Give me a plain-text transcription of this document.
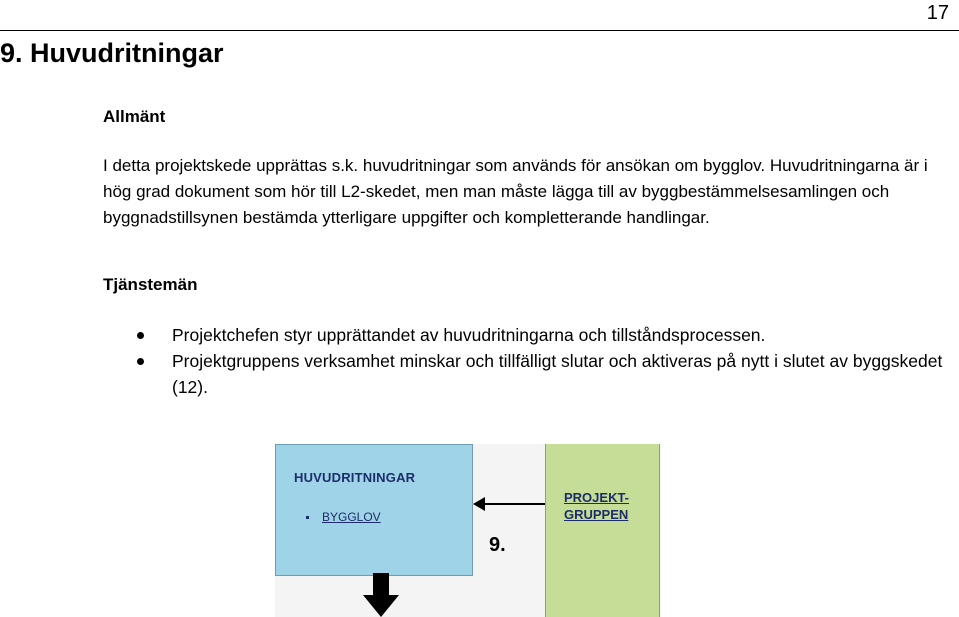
17
9. Huvudritningar
Allmänt

I detta projektskede upprättas s.k. huvudritningar som används för ansökan om bygglov. Huvudritningarna är i hög grad dokument som hör till L2-skedet, men man måste lägga till av byggbestämmelsesamlingen och byggnadstillsynen bestämda ytterligare uppgifter och kompletterande handlingar.

Tjänstemän
Projektchefen styr upprättandet av huvudritningarna och tillståndsprocessen.
Projektgruppens verksamhet minskar och tillfälligt slutar och aktiveras på nytt i slutet av byggskedet (12).
HUVUDRITNINGAR
BYGGLOV
PROJEKT-
GRUPPEN
9.
